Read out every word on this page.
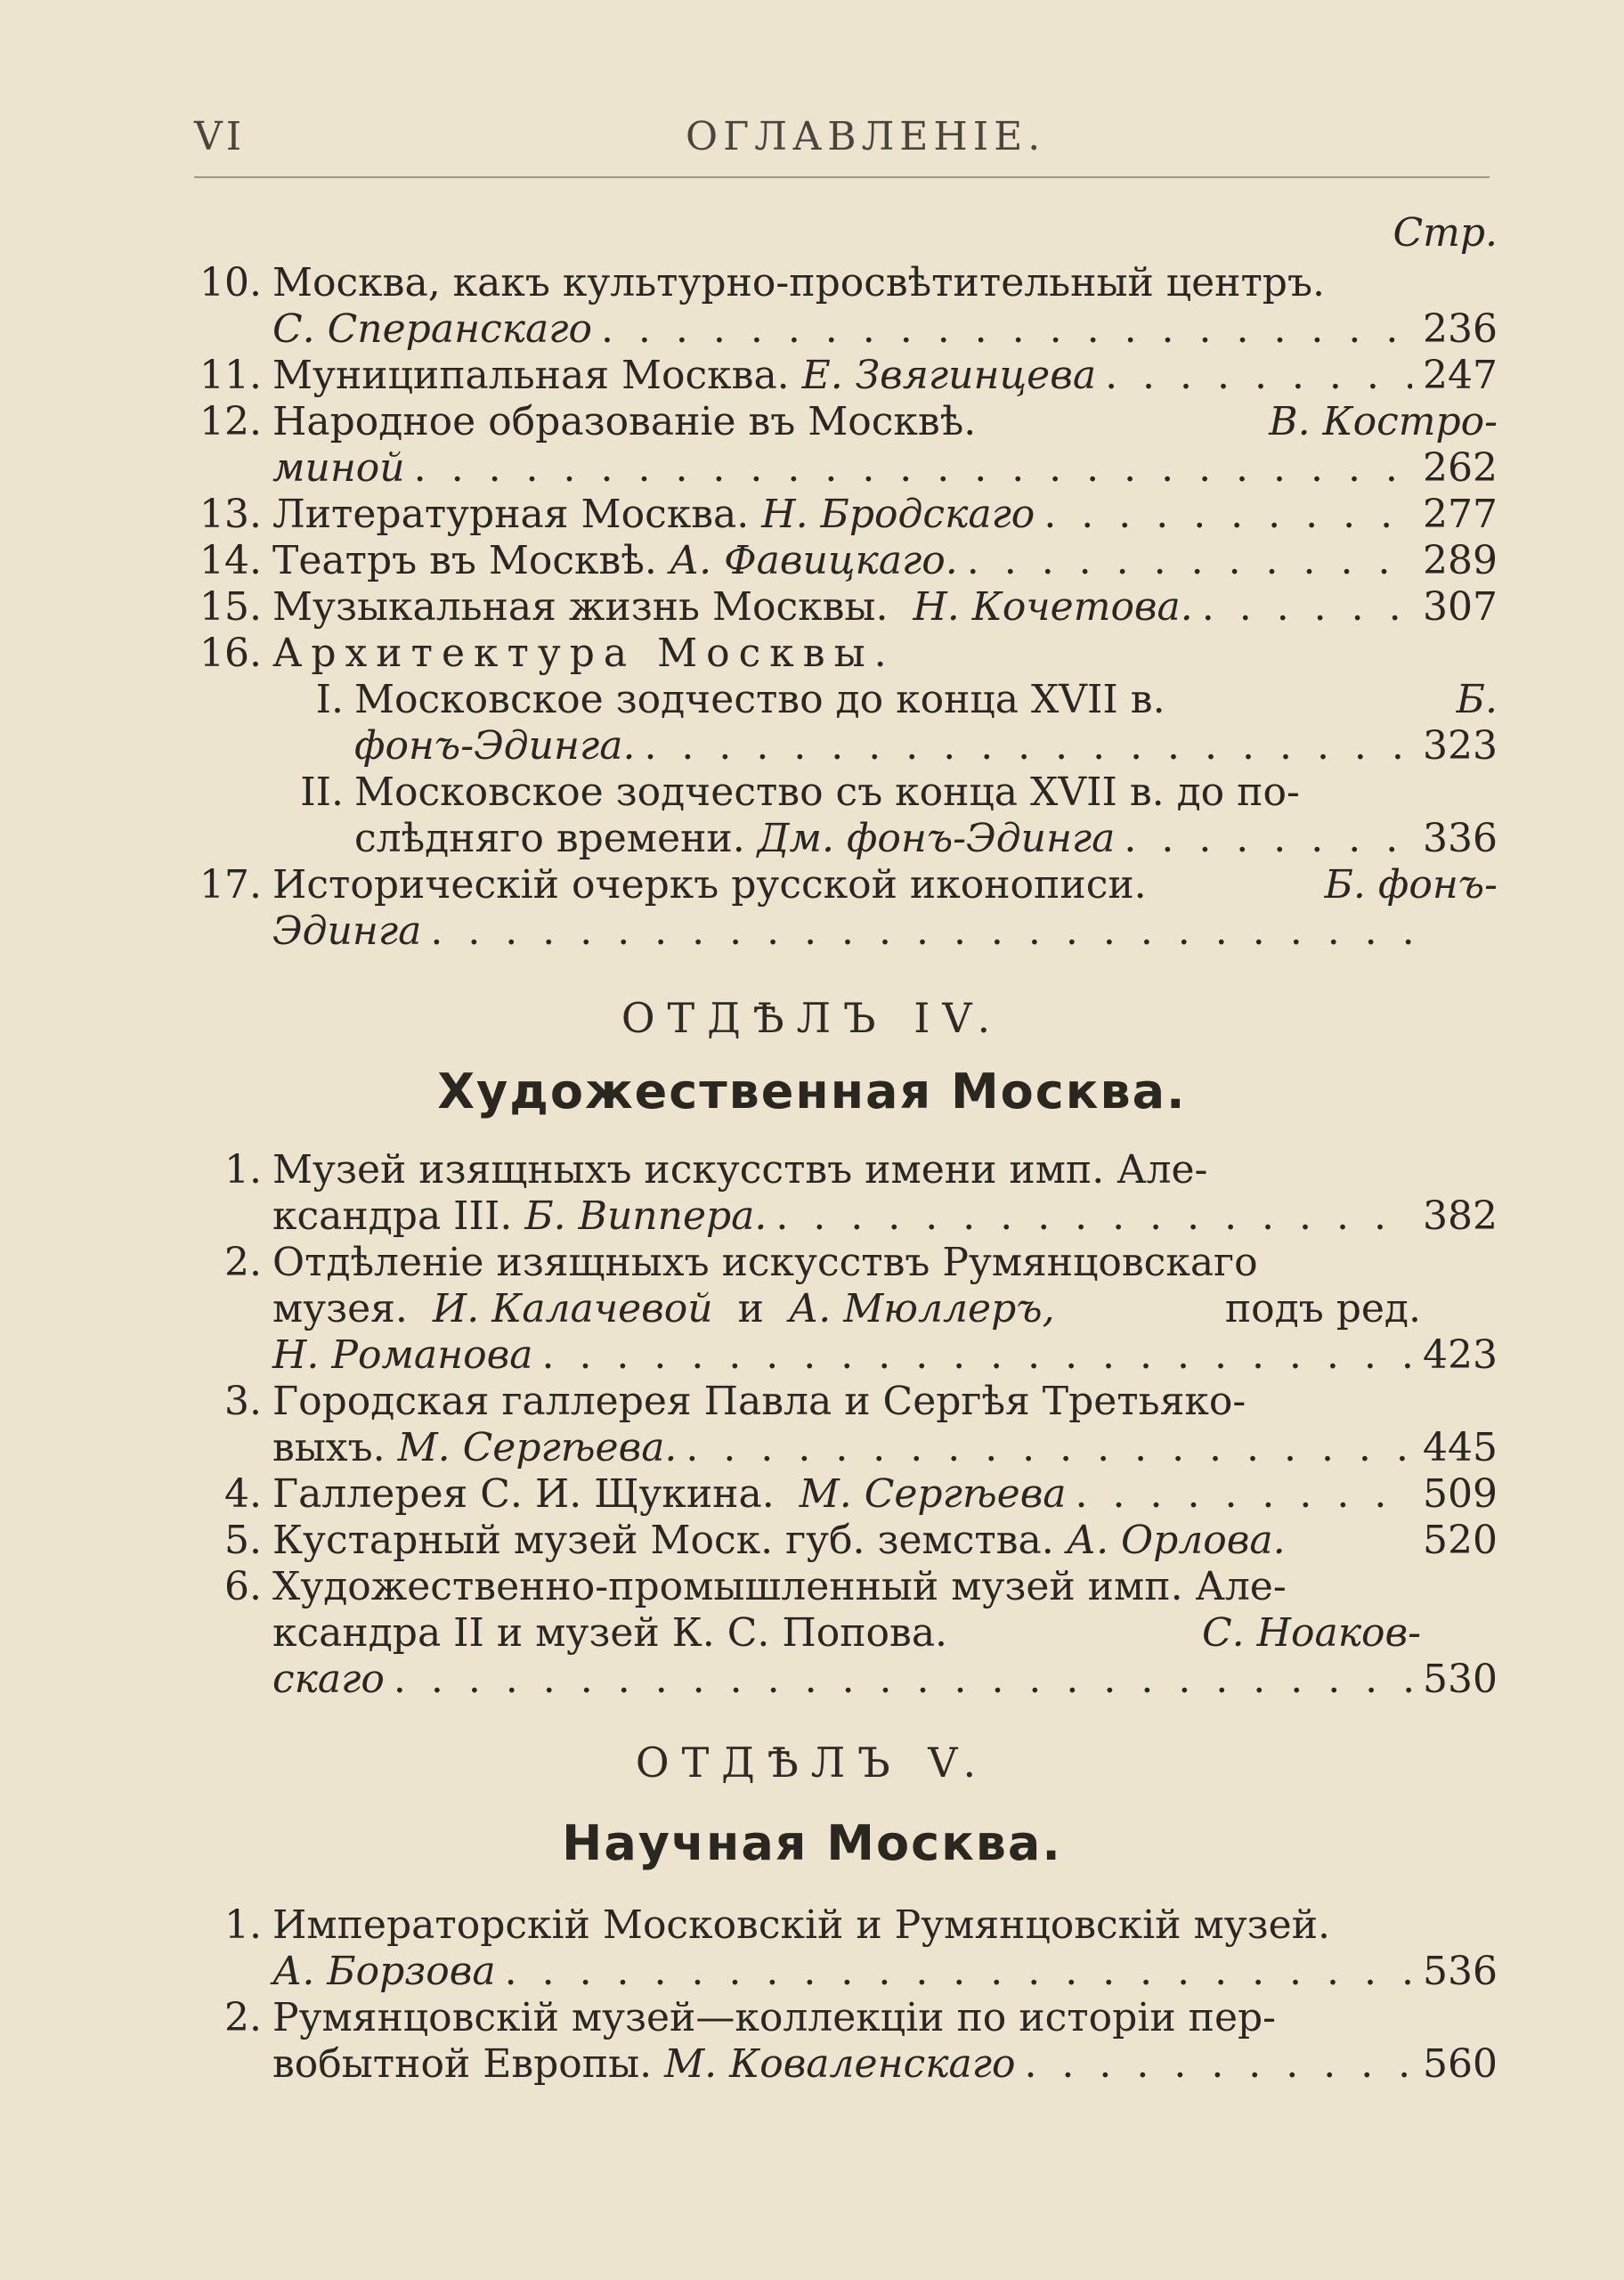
VI	ОГЛАВЛЕНІЕ.
Стр.
10. Москва, какъ культурно-просвѣтительный центръ.
С. Сперанскаго . . .	236
11. Муниципальная Москва.
Е. Звягинцева . . .	247
12. Народное образованіе въ Москвѣ.	В. Костро-
миной . . .	262
13. Литературная Москва.
Н. Бродскаго . . .	277
14. Театръ въ Москвѣ.
А. Фавицкаго. . . .	289
15. Музыкальная жизнь Москвы.
Н. Кочетова. . . .	307
16. Архитектура Москвы.
I. Московское зодчество до конца XVII в.	Б.
фонъ-Эдинга. . . .	323
II. Московское зодчество съ конца XVII в. до по-
слѣдняго времени.
Дм. фонъ-Эдинга . . .	336
17. Историческій очеркъ русской иконописи.	Б. фонъ-
Эдинга
. . .
ОТДѢЛЪ IV.
Художественная Москва.
1. Музей изящныхъ искусствъ имени имп. Але-
ксандра III.
Б. Виппера. . . .	382
2. Отдѣленіе изящныхъ искусствъ Румянцовскаго
музея.
И. Калачевой
и
А. Мюллеръ,	подъ ред.
Н. Романова . . .	423
3. Городская галлерея Павла и Сергѣя Третьяко-
выхъ.
М. Сергѣева. . . .	445
4. Галлерея С. И. Щукина.
М. Сергѣева . . .	509
5. Кустарный музей Моск. губ. земства.
А. Орлова.	520
6. Художественно-промышленный музей имп. Але-
ксандра II и музей К. С. Попова.	С. Ноаков-
скаго . . .	530
ОТДѢЛЪ V.
Научная Москва.
1. Императорскій Московскій и Румянцовскій музей.
А. Борзова . . .	536
2. Румянцовскій музей—коллекціи по исторіи пер-
вобытной Европы.
М. Коваленскаго . . .	560
